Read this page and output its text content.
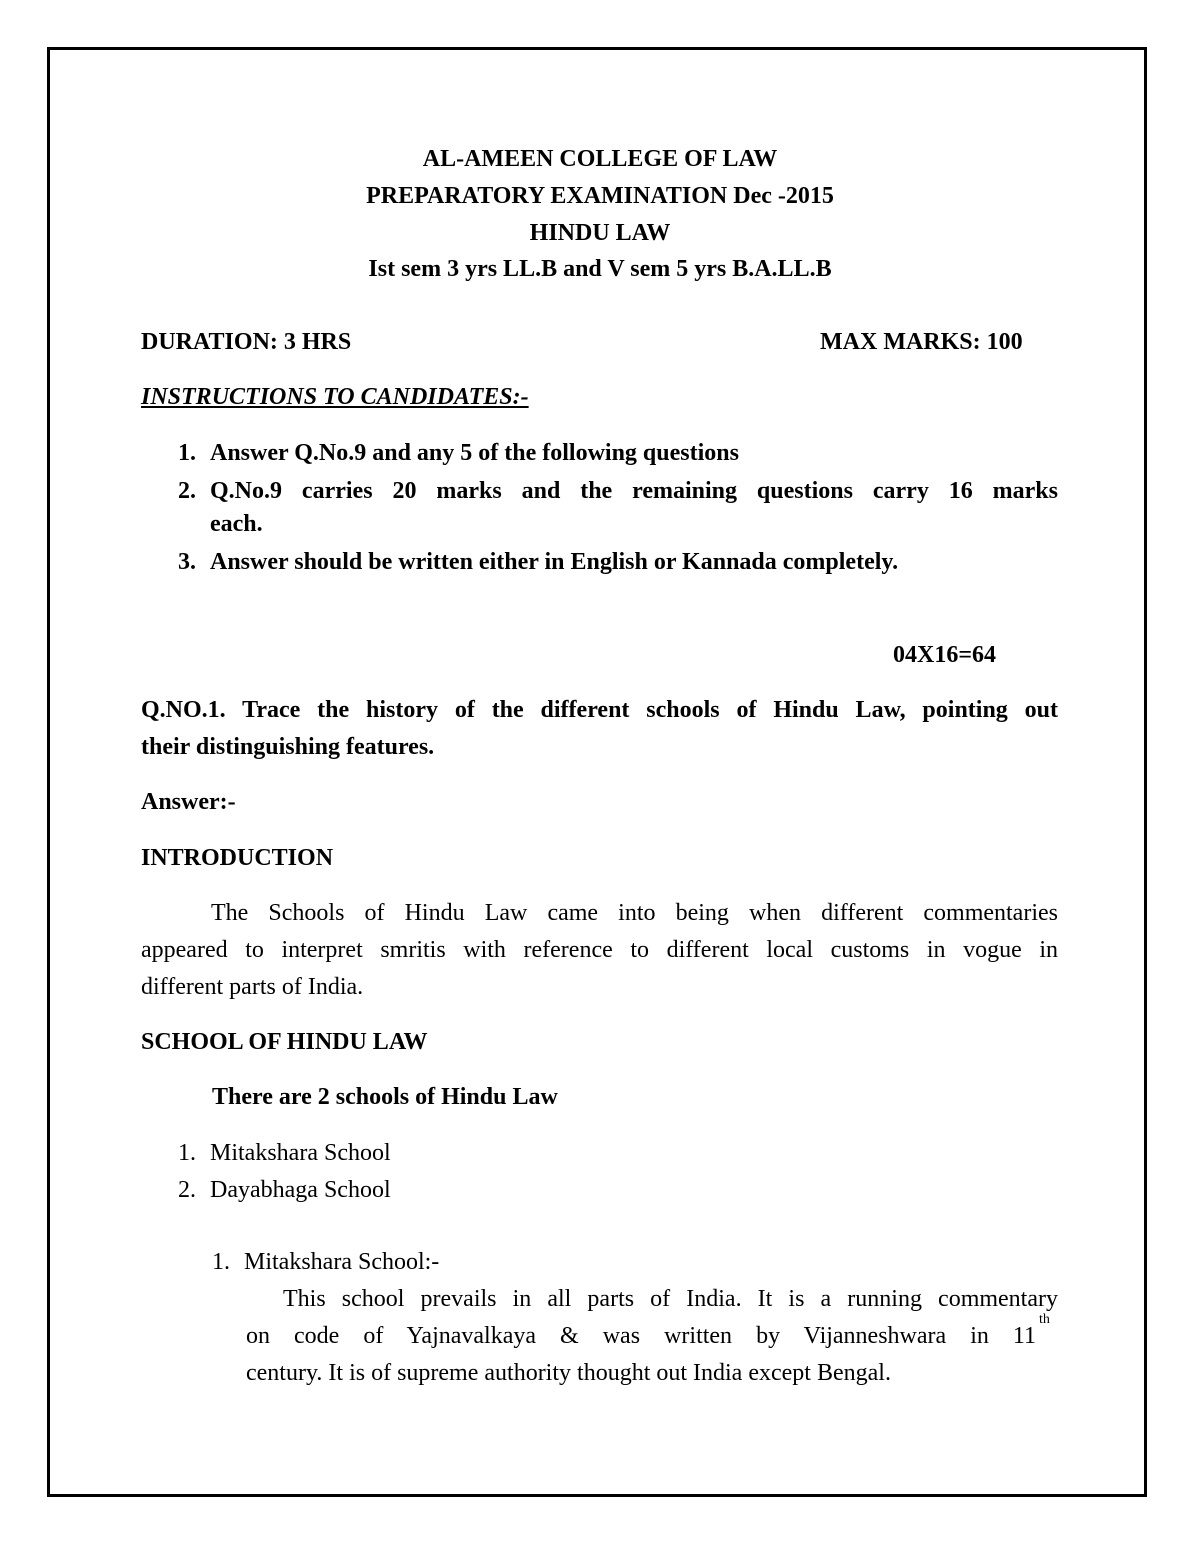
AL-AMEEN COLLEGE OF LAW
PREPARATORY EXAMINATION Dec -2015
HINDU LAW
Ist sem 3 yrs LL.B and V sem 5 yrs B.A.LL.B
DURATION: 3 HRS	MAX MARKS: 100
INSTRUCTIONS TO CANDIDATES:-
1. Answer Q.No.9 and any 5 of the following questions
2. Q.No.9 carries 20 marks and the remaining questions carry 16 marks
each.
3. Answer should be written either in English or Kannada completely.
04X16=64
Q.NO.1. Trace the history of the different schools of Hindu Law, pointing out
their distinguishing features.
Answer:-
INTRODUCTION
The Schools of Hindu Law came into being when different commentaries
appeared to interpret smritis with reference to different local customs in vogue in
different parts of India.
SCHOOL OF HINDU LAW
There are 2 schools of Hindu Law
1. Mitakshara School
2. Dayabhaga School
1. Mitakshara School:-
This school prevails in all parts of India. It is a running commentary
on code of Yajnavalkaya & was written by Vijanneshwara in 11
th
century. It is of supreme authority thought out India except Bengal.
